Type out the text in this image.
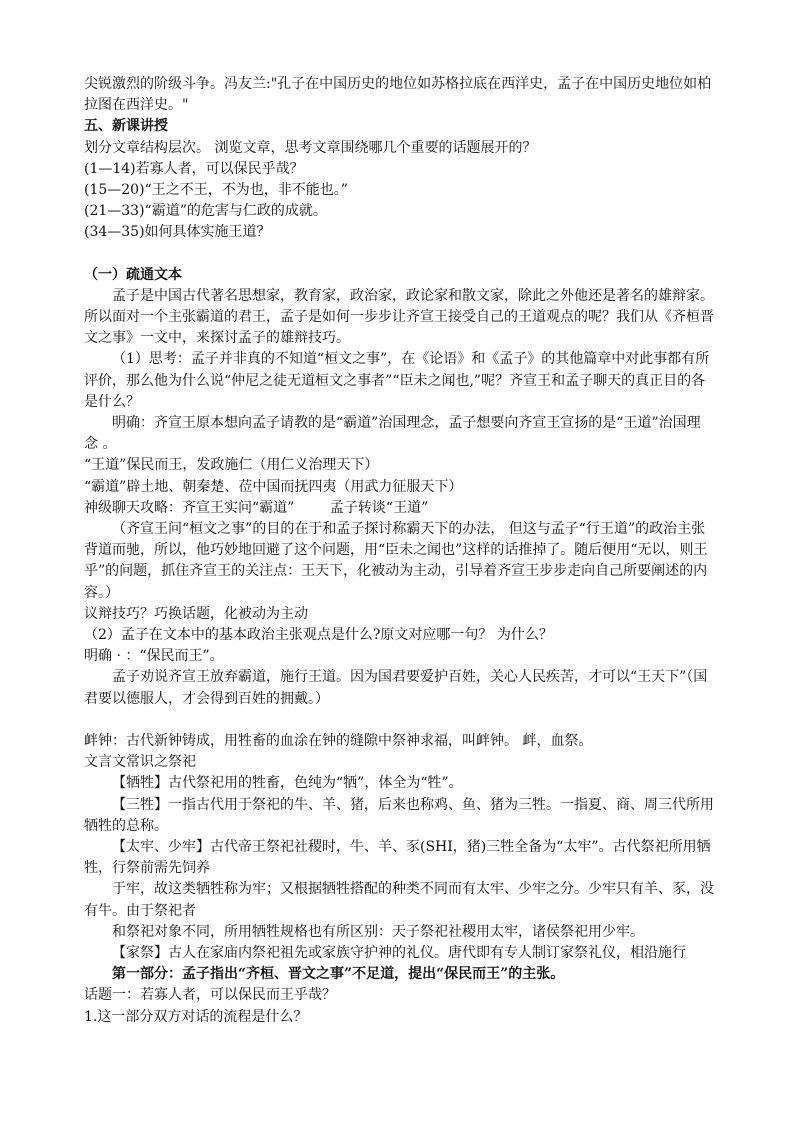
尖锐激烈的阶级斗争。冯友兰:"孔子在中国历史的地位如苏格拉底在西洋史，孟子在中国历史地位如柏拉图在西洋史。"

五、新课讲授

划分文章结构层次。 浏览文章，思考文章围绕哪几个重要的话题展开的？

(1—14)若寡人者，可以保民乎哉？

(15—20)“王之不王，不为也，非不能也。”

(21—33)“霸道”的危害与仁政的成就。

(34—35)如何具体实施王道？

（一）疏通文本

孟子是中国古代著名思想家，教育家，政治家，政论家和散文家，除此之外他还是著名的雄辩家。所以面对一个主张霸道的君王，孟子是如何一步步让齐宣王接受自己的王道观点的呢？我们从《齐桓晋文之事》一文中，来探讨孟子的雄辩技巧。

（1）思考：孟子并非真的不知道“桓文之事”，在《论语》和《孟子》的其他篇章中对此事都有所评价，那么他为什么说“仲尼之徒无道桓文之事者”“臣未之闻也,”呢？齐宣王和孟子聊天的真正目的各是什么？

明确：齐宣王原本想向孟子请教的是“霸道”治国理念，孟子想要向齐宣王宣扬的是“王道”治国理念 。

“王道”保民而王，发政施仁（用仁义治理天下）

“霸道”辟土地、朝秦楚、莅中国而抚四夷（用武力征服天下）

神级聊天攻略：齐宣王实问“霸道”        孟子转谈“王道”

（齐宣王问“桓文之事”的目的在于和孟子探讨称霸天下的办法， 但这与孟子“行王道”的政治主张背道而驰，所以，他巧妙地回避了这个问题，用“臣未之闻也”这样的话推掉了。随后便用“无以，则王乎”的问题，抓住齐宣王的关注点：王天下，化被动为主动，引导着齐宣王步步走向自己所要阐述的内容。）

议辩技巧？巧换话题，化被动为主动

（2）孟子在文本中的基本政治主张观点是什么?原文对应哪一句？ 为什么？

明确 · ：“保民而王”。

孟子劝说齐宣王放弃霸道，施行王道。因为国君要爱护百姓，关心人民疾苦，才可以“王天下”（国君要以德服人，才会得到百姓的拥戴。）

衅钟：古代新钟铸成，用牲畜的血涂在钟的缝隙中祭神求福，叫衅钟。 衅，血祭。

文言文常识之祭祀

【牺牲】古代祭祀用的牲畜，色纯为“牺”，体全为“牲”。

【三牲】一指古代用于祭祀的牛、羊、猪，后来也称鸡、鱼、猪为三牲。一指夏、商、周三代所用牺牲的总称。

【太牢、少牢】古代帝王祭祀社稷时，牛、羊、豕(SHI，猪)三牲全备为“太牢”。古代祭祀所用牺牲，行祭前需先饲养

于牢，故这类牺牲称为牢；又根据牺牲搭配的种类不同而有太牢、少牢之分。少牢只有羊、豕，没有牛。由于祭祀者

和祭祀对象不同，所用牺牲规格也有所区别：天子祭祀社稷用太牢，诸侯祭祀用少牢。

【家祭】古人在家庙内祭祀祖先或家族守护神的礼仪。唐代即有专人制订家祭礼仪，相沿施行

第一部分：孟子指出“齐桓、晋文之事”不足道，提出“保民而王”的主张。

话题一：若寡人者，可以保民而王乎哉？

1.这一部分双方对话的流程是什么？
